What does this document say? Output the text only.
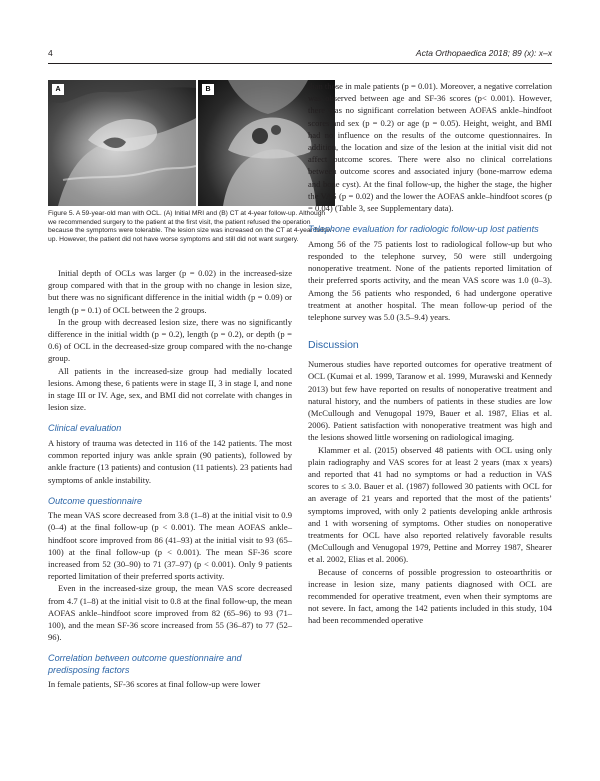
4	Acta Orthopaedica 2018; 89 (x): x–x
A	B
Figure 5. A 59-year-old man with OCL. (A) Initial MRI and (B) CT at 4-year follow-up. Although we recommended surgery to the patient at the first visit, the patient refused the operation because the symptoms were tolerable. The lesion size was increased on the CT at 4-year follow-up. However, the patient did not have worse symptoms and still did not want surgery.

Initial depth of OCLs was larger (p = 0.02) in the increased-size group compared with that in the group with no change in lesion size, but there was no significant difference in the initial width (p = 0.09) or length (p = 0.1) of OCL between the 2 groups.

In the group with decreased lesion size, there was no significantly difference in the initial width (p = 0.2), length (p = 0.2), or depth (p = 0.6) of OCL in the decreased-size group compared with the no-change group.

All patients in the increased-size group had medially located lesions. Among these, 6 patients were in stage II, 3 in stage I, and none in stage III or IV. Age, sex, and BMI did not correlate with changes in lesion size.

Clinical evaluation

A history of trauma was detected in 116 of the 142 patients. The most common reported injury was ankle sprain (90 patients), followed by ankle fracture (13 patients) and contusion (11 patients). 23 patients had symptoms of ankle instability.

Outcome questionnaire

The mean VAS score decreased from 3.8 (1–8) at the initial visit to 0.9 (0–4) at the final follow-up (p < 0.001). The mean AOFAS ankle–hindfoot score improved from 86 (41–93) at the initial visit to 93 (65–100) at the final follow-up (p < 0.001). The mean SF-36 score increased from 52 (30–90) to 71 (37–97) (p < 0.001). Only 9 patients reported limitation of their preferred sports activity.

Even in the increased-size group, the mean VAS score decreased from 4.7 (1–8) at the initial visit to 0.8 at the final follow-up, the mean AOFAS ankle–hindfoot score improved from 82 (65–96) to 93 (71–100), and the mean SF-36 score increased from 55 (36–87) to 77 (52–96).

Correlation between outcome questionnaire and predisposing factors

In female patients, SF-36 scores at final follow-up were lower

than those in male patients (p = 0.01). Moreover, a negative correlation was observed between age and SF-36 scores (p< 0.001). However, there was no significant correlation between AOFAS ankle–hindfoot scores and sex (p = 0.2) or age (p = 0.05). Height, weight, and BMI had no influence on the results of the outcome questionnaires. In addition, the location and size of the lesion at the initial visit did not affect outcome scores. There were also no clinical correlations between outcome scores and associated injury (bone-marrow edema and bone cyst). At the final follow-up, the higher the stage, the higher the VAS (p = 0.02) and the lower the AOFAS ankle–hindfoot scores (p = 0.04) (Table 3, see Supplementary data).

Telephone evaluation for radiologic follow-up lost patients

Among 56 of the 75 patients lost to radiological follow-up but who responded to the telephone survey, 50 were still undergoing nonoperative treatment. None of the patients reported limitation of their preferred sports activity, and the mean VAS score was 1.0 (0–3). Among the 56 patients who responded, 6 had undergone operative treatment at another hospital. The mean follow-up period of the telephone survey was 5.0 (3.5–9.4) years.

Discussion

Numerous studies have reported outcomes for operative treatment of OCL (Kumai et al. 1999, Taranow et al. 1999, Murawski and Kennedy 2013) but few have reported on results of nonoperative treatment and natural history, and the numbers of patients in these studies are low (McCullough and Venugopal 1979, Bauer et al. 1987, Elias et al. 2006). Patient satisfaction with nonoperative treatment was high and the lesions showed little worsening on radiological imaging.

Klammer et al. (2015) observed 48 patients with OCL using only plain radiography and VAS scores for at least 2 years (max x years) and reported that 41 had no symptoms or had a reduction in VAS scores to ≤ 3.0. Bauer et al. (1987) followed 30 patients with OCL for an average of 21 years and reported that the most of the patients’ symptoms improved, with only 2 patients developing ankle arthrosis and 1 with worsening of symptoms. Other studies on nonoperative treatments for OCL have also reported relatively favorable results (McCullough and Venugopal 1979, Pettine and Morrey 1987, Shearer et al. 2002, Elias et al. 2006).

Because of concerns of possible progression to osteoarthritis or increase in lesion size, many patients diagnosed with OCL are recommended for operative treatment, even when their symptoms are not severe. In fact, among the 142 patients included in this study, 104 had been recommended operative
